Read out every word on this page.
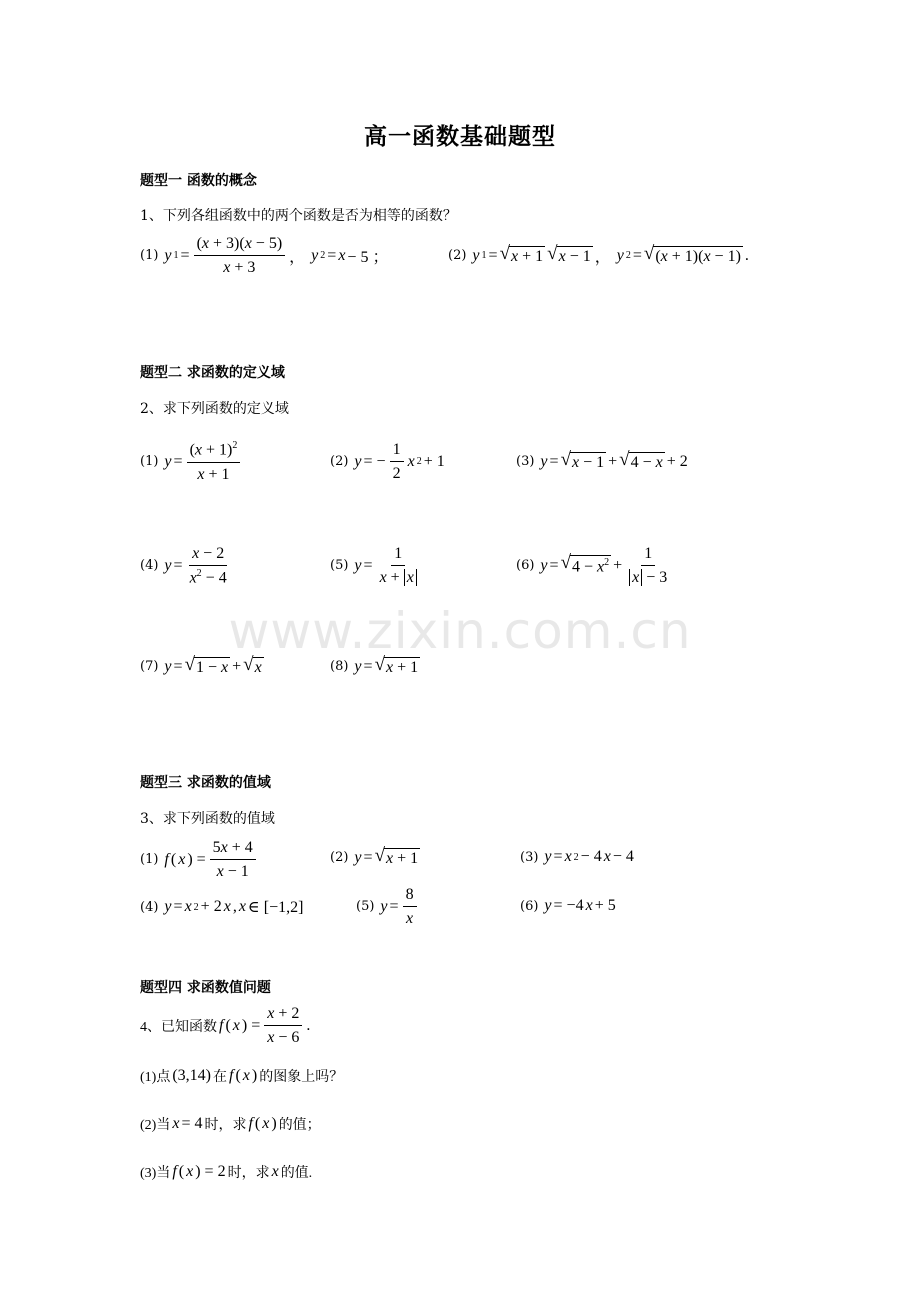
www.zixin.com.cn
高一函数基础题型
题型一 函数的概念
1、下列各组函数中的两个函数是否为相等的函数？
(1) y $1 = \frac{(x + 3)(x - 5)}{x + 3}$ ， y 2 = x − 5 ；	(2) y 1 = √ x + 1 √ x − 1 ， y 2 = √ (x + 1)(x − 1) .
题型二 求函数的定义域
2、求下列函数的定义域
(1) $y = \frac{(x + 1)^2}{x + 1}$	(2) y = − $\frac{1}{2}$ x 2 + 1	(3) y = √ x − 1 + √ 4 − x + 2
(4) $y = \frac{x - 2}{x^2 - 4}$	(5) $y = \frac{1}{x + x}$	(6) y = √ $4 - x^2 + \frac{1}{x - 3}$
(7) y = √ 1 − x + √ x	(8) y = √ x + 1
题型三 求函数的值域
3、求下列函数的值域
(1) f ( x ) = $\frac{5x + 4}{x - 1}$	(2) y = √ x + 1	(3) y = x 2 − 4 x − 4
(4) y = x 2 + 2 x , x ∈ [−1,2]	(5) $y = \frac{8}{x}$	(6) y = −4 x + 5
题型四 求函数值问题
4、已知函数 f ( x ) = $\frac{x + 2}{x - 6}$ .
(1)点 (3,14) 在 f ( x ) 的图象上吗？
(2)当 x = 4 时，求 f ( x ) 的值；
(3)当 f ( x ) = 2 时，求 x 的值.
